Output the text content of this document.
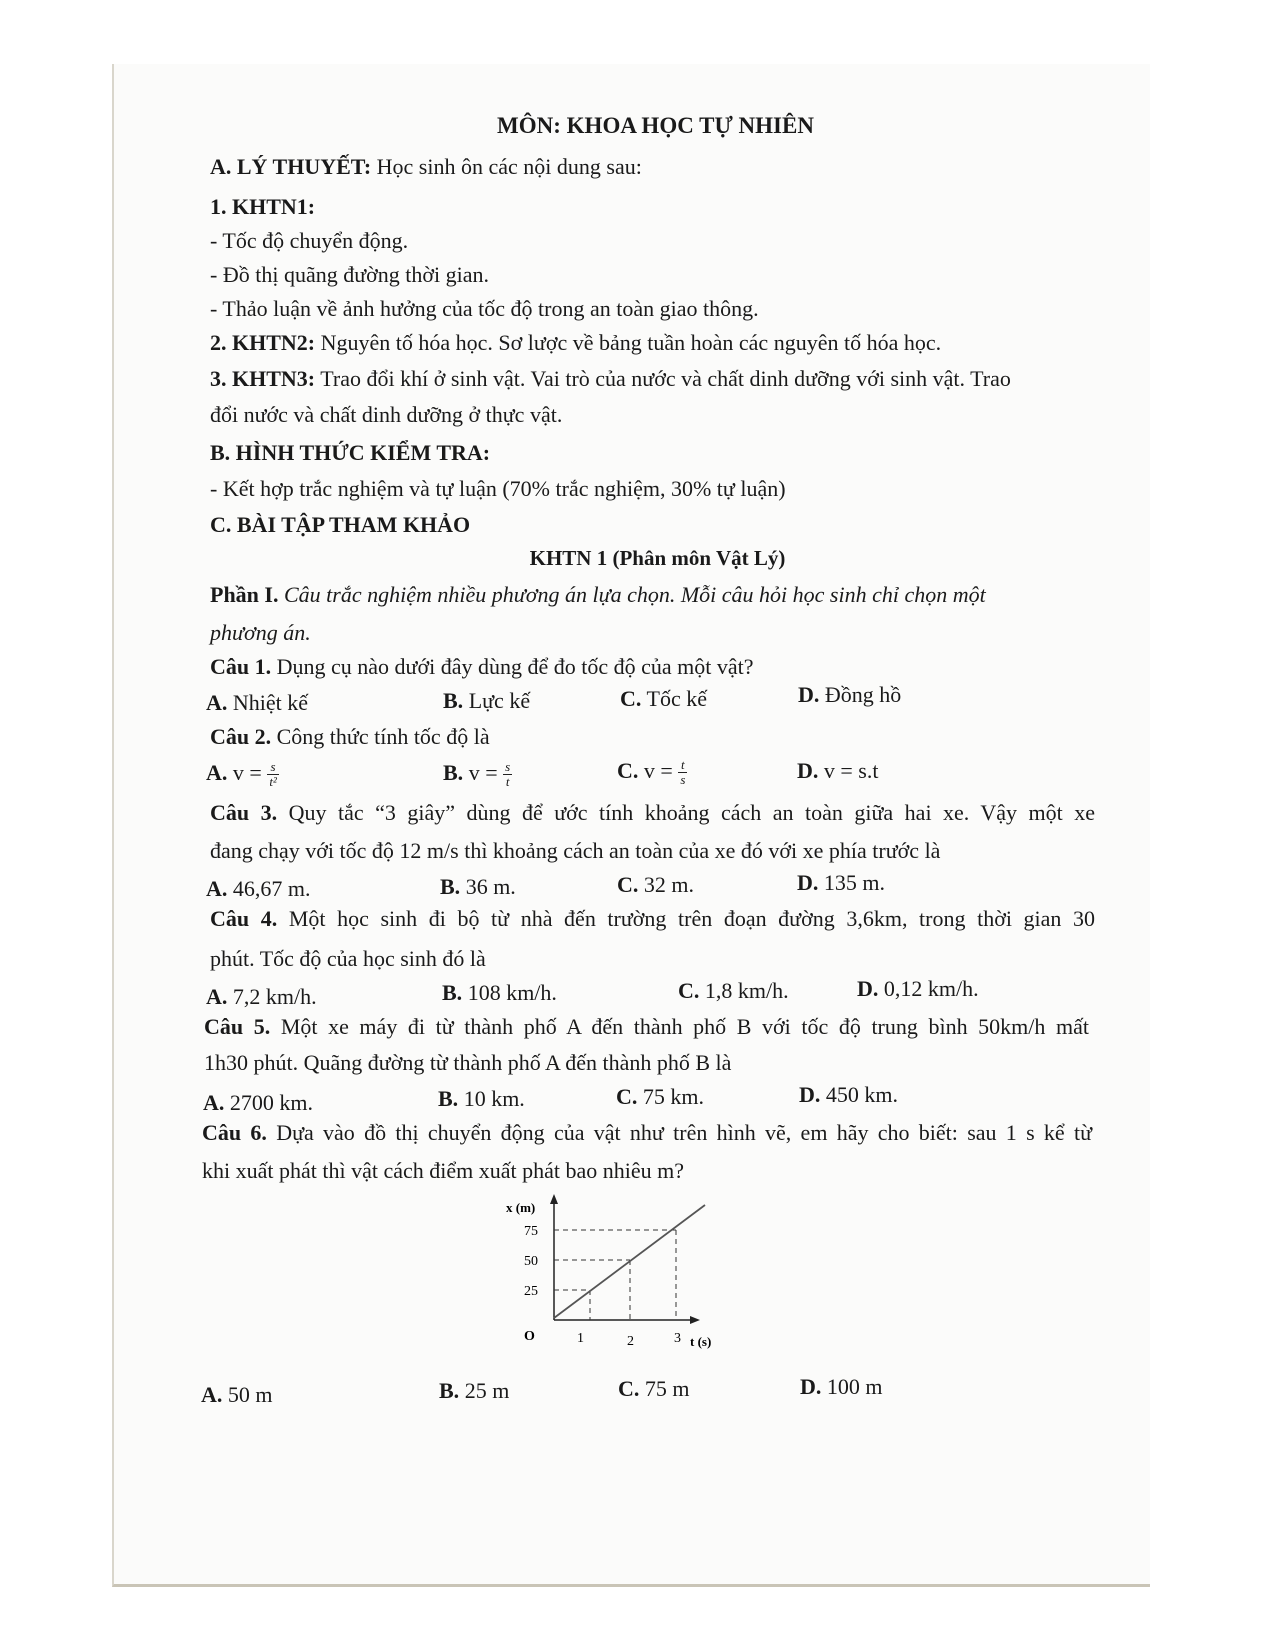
MÔN: KHOA HỌC TỰ NHIÊN
A. LÝ THUYẾT: Học sinh ôn các nội dung sau:
1. KHTN1:
- Tốc độ chuyển động.
- Đồ thị quãng đường thời gian.
- Thảo luận về ảnh hưởng của tốc độ trong an toàn giao thông.
2. KHTN2: Nguyên tố hóa học. Sơ lược về bảng tuần hoàn các nguyên tố hóa học.
3. KHTN3: Trao đổi khí ở sinh vật. Vai trò của nước và chất dinh dưỡng với sinh vật. Trao
đổi nước và chất dinh dưỡng ở thực vật.
B. HÌNH THỨC KIỂM TRA:
- Kết hợp trắc nghiệm và tự luận (70% trắc nghiệm, 30% tự luận)
C. BÀI TẬP THAM KHẢO
KHTN 1 (Phân môn Vật Lý)
Phần I. Câu trắc nghiệm nhiều phương án lựa chọn. Mỗi câu hỏi học sinh chỉ chọn một
phương án.
Câu 1. Dụng cụ nào dưới đây dùng để đo tốc độ của một vật?
A. Nhiệt kế	B. Lực kế	C. Tốc kế	D. Đồng hồ
Câu 2. Công thức tính tốc độ là
A. $v = \frac{s}{\text{t²}}$	B. $v = \frac{s}{t}$	C. $v = \frac{t}{s}$	D. v = s.t
Câu 3. Quy tắc “3 giây” dùng để ước tính khoảng cách an toàn giữa hai xe. Vậy một xe
đang chạy với tốc độ 12 m/s thì khoảng cách an toàn của xe đó với xe phía trước là
A. 46,67 m.	B. 36 m.	C. 32 m.	D. 135 m.
Câu 4. Một học sinh đi bộ từ nhà đến trường trên đoạn đường 3,6km, trong thời gian 30
phút. Tốc độ của học sinh đó là
A. 7,2 km/h.	B. 108 km/h.	C. 1,8 km/h.	D. 0,12 km/h.
Câu 5. Một xe máy đi từ thành phố A đến thành phố B với tốc độ trung bình 50km/h mất
1h30 phút. Quãng đường từ thành phố A đến thành phố B là
A. 2700 km.	B. 10 km.	C. 75 km.	D. 450 km.
Câu 6. Dựa vào đồ thị chuyển động của vật như trên hình vẽ, em hãy cho biết: sau 1 s kể từ
khi xuất phát thì vật cách điểm xuất phát bao nhiêu m?
x (m)
75
50
25
O	1	2	3 t (s)
A. 50 m	B. 25 m	C. 75 m	D. 100 m
